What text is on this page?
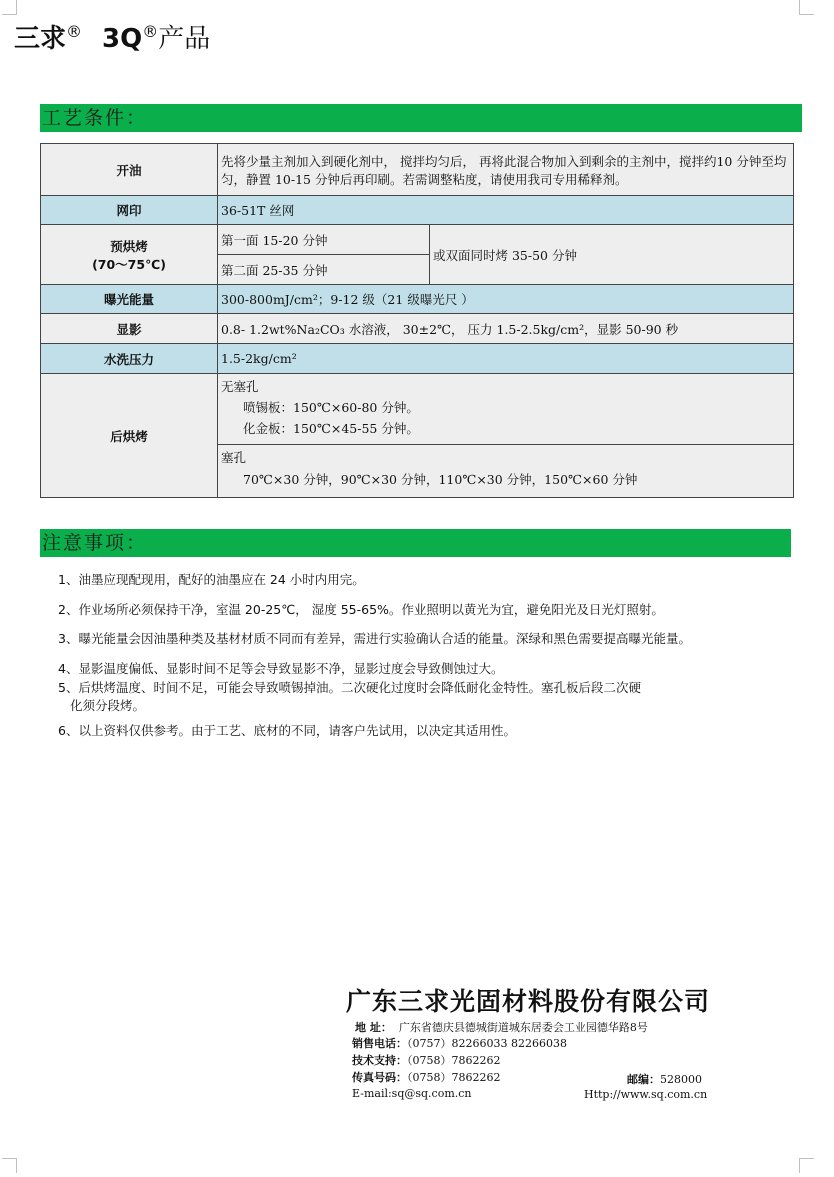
三求® 3Q®产品
工艺条件：
开油	先将少量主剂加入到硬化剂中， 搅拌均匀后， 再将此混合物加入到剩余的主剂中，搅拌约10 分钟至均匀，静置 10-15 分钟后再印刷。若需调整粘度，请使用我司专用稀释剂。	
网印	36-51T 丝网	
预烘烤
(70〜75℃)	第一面 15-20 分钟	或双面同时烤 35-50 分钟
	第二面 25-35 分钟	
曝光能量	300-800mJ/cm²；9-12 级（21 级曝光尺 ）	
显影	0.8- 1.2wt%Na₂CO₃ 水溶液， 30±2℃， 压力 1.5-2.5kg/cm²，显影 50-90 秒	
水洗压力	1.5-2kg/cm²	
后烘烤	无塞孔
喷锡板：150℃×60-80 分钟。
化金板：150℃×45-55 分钟。	

	塞孔
70℃×30 分钟，90℃×30 分钟，110℃×30 分钟，150℃×60 分钟	
注意事项：
1、油墨应现配现用，配好的油墨应在 24 小时内用完。
2、作业场所必须保持干净，室温 20-25℃， 湿度 55-65%。作业照明以黄光为宜，避免阳光及日光灯照射。
3、曝光能量会因油墨种类及基材材质不同而有差异，需进行实验确认合适的能量。深绿和黑色需要提高曝光能量。
4、显影温度偏低、显影时间不足等会导致显影不净，显影过度会导致侧蚀过大。
5、后烘烤温度、时间不足，可能会导致喷锡掉油。二次硬化过度时会降低耐化金特性。塞孔板后段二次硬
化须分段烤。
6、以上资料仅供参考。由于工艺、底材的不同，请客户先试用，以决定其适用性。
广东三求光固材料股份有限公司
地 址： 广东省德庆县德城街道城东居委会工业园德华路8号
销售电话：（0757）82266033 82266038
技术支持：（0758）7862262
传真号码：（0758）7862262	邮编：528000
E-mail:sq@sq.com.cn	Http://www.sq.com.cn
